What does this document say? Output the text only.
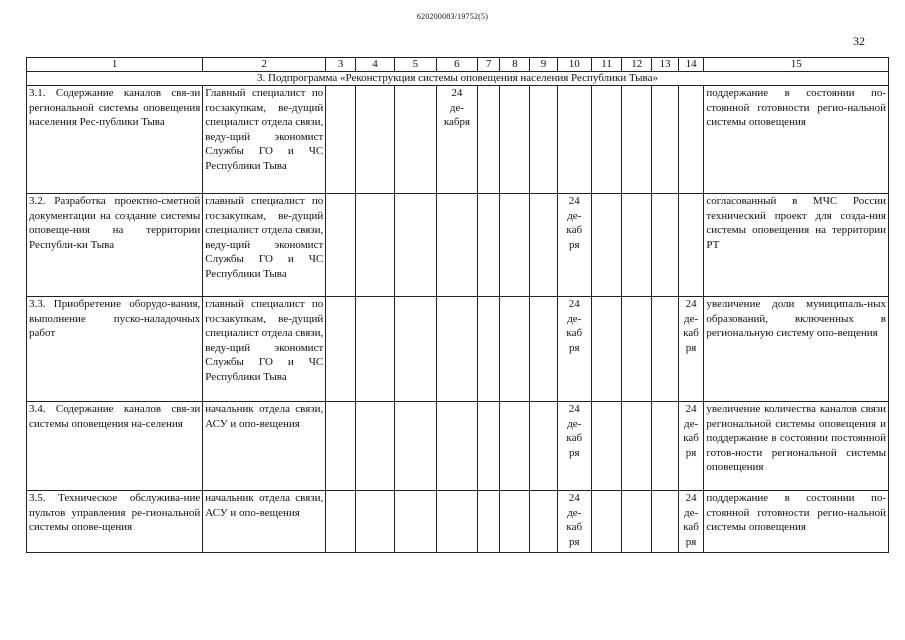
620200083/19752(5)
32
1	2	3	4	5	6	7	8	9	10	11	12	13	14	15
3. Подпрограмма «Реконструкция системы оповещения населения Республики Тыва»														
3.1. Содержание каналов свя-зи региональной системы оповещения населения Рес-публики Тыва	Главный специалист по госзакупкам, ве-дущий специалист отдела связи, веду-щий экономист Службы ГО и ЧС Республики Тыва				24
де-
кабря									поддержание в состоянии по-стоянной готовности регио-нальной системы оповещения
3.2. Разработка проектно-сметной документации на создание системы оповеще-ния на территории Республи-ки Тыва	главный специалист по госзакупкам, ве-дущий специалист отдела связи, веду-щий экономист Службы ГО и ЧС Республики Тыва								24
де-
каб
ря					согласованный в МЧС России технический проект для созда-ния системы оповещения на территории РТ
3.3. Приобретение оборудо-вания, выполнение пуско-наладочных работ	главный специалист по госзакупкам, ве-дущий специалист отдела связи, веду-щий экономист Службы ГО и ЧС Республики Тыва								24
де-
каб
ря				24
де-
каб
ря	увеличение доли муниципаль-ных образований, включенных в региональную систему опо-вещения
3.4. Содержание каналов свя-зи системы оповещения на-селения	начальник отдела связи, АСУ и опо-вещения								24
де-
каб
ря				24
де-
каб
ря	увеличение количества каналов связи региональной системы оповещения и поддержание в состоянии постоянной готов-ности региональной системы оповещения
3.5. Техническое обслужива-ние пультов управления ре-гиональной системы опове-щения	начальник отдела связи, АСУ и опо-вещения								24
де-
каб
ря				24
де-
каб
ря	поддержание в состоянии по-стоянной готовности регио-нальной системы оповещения
